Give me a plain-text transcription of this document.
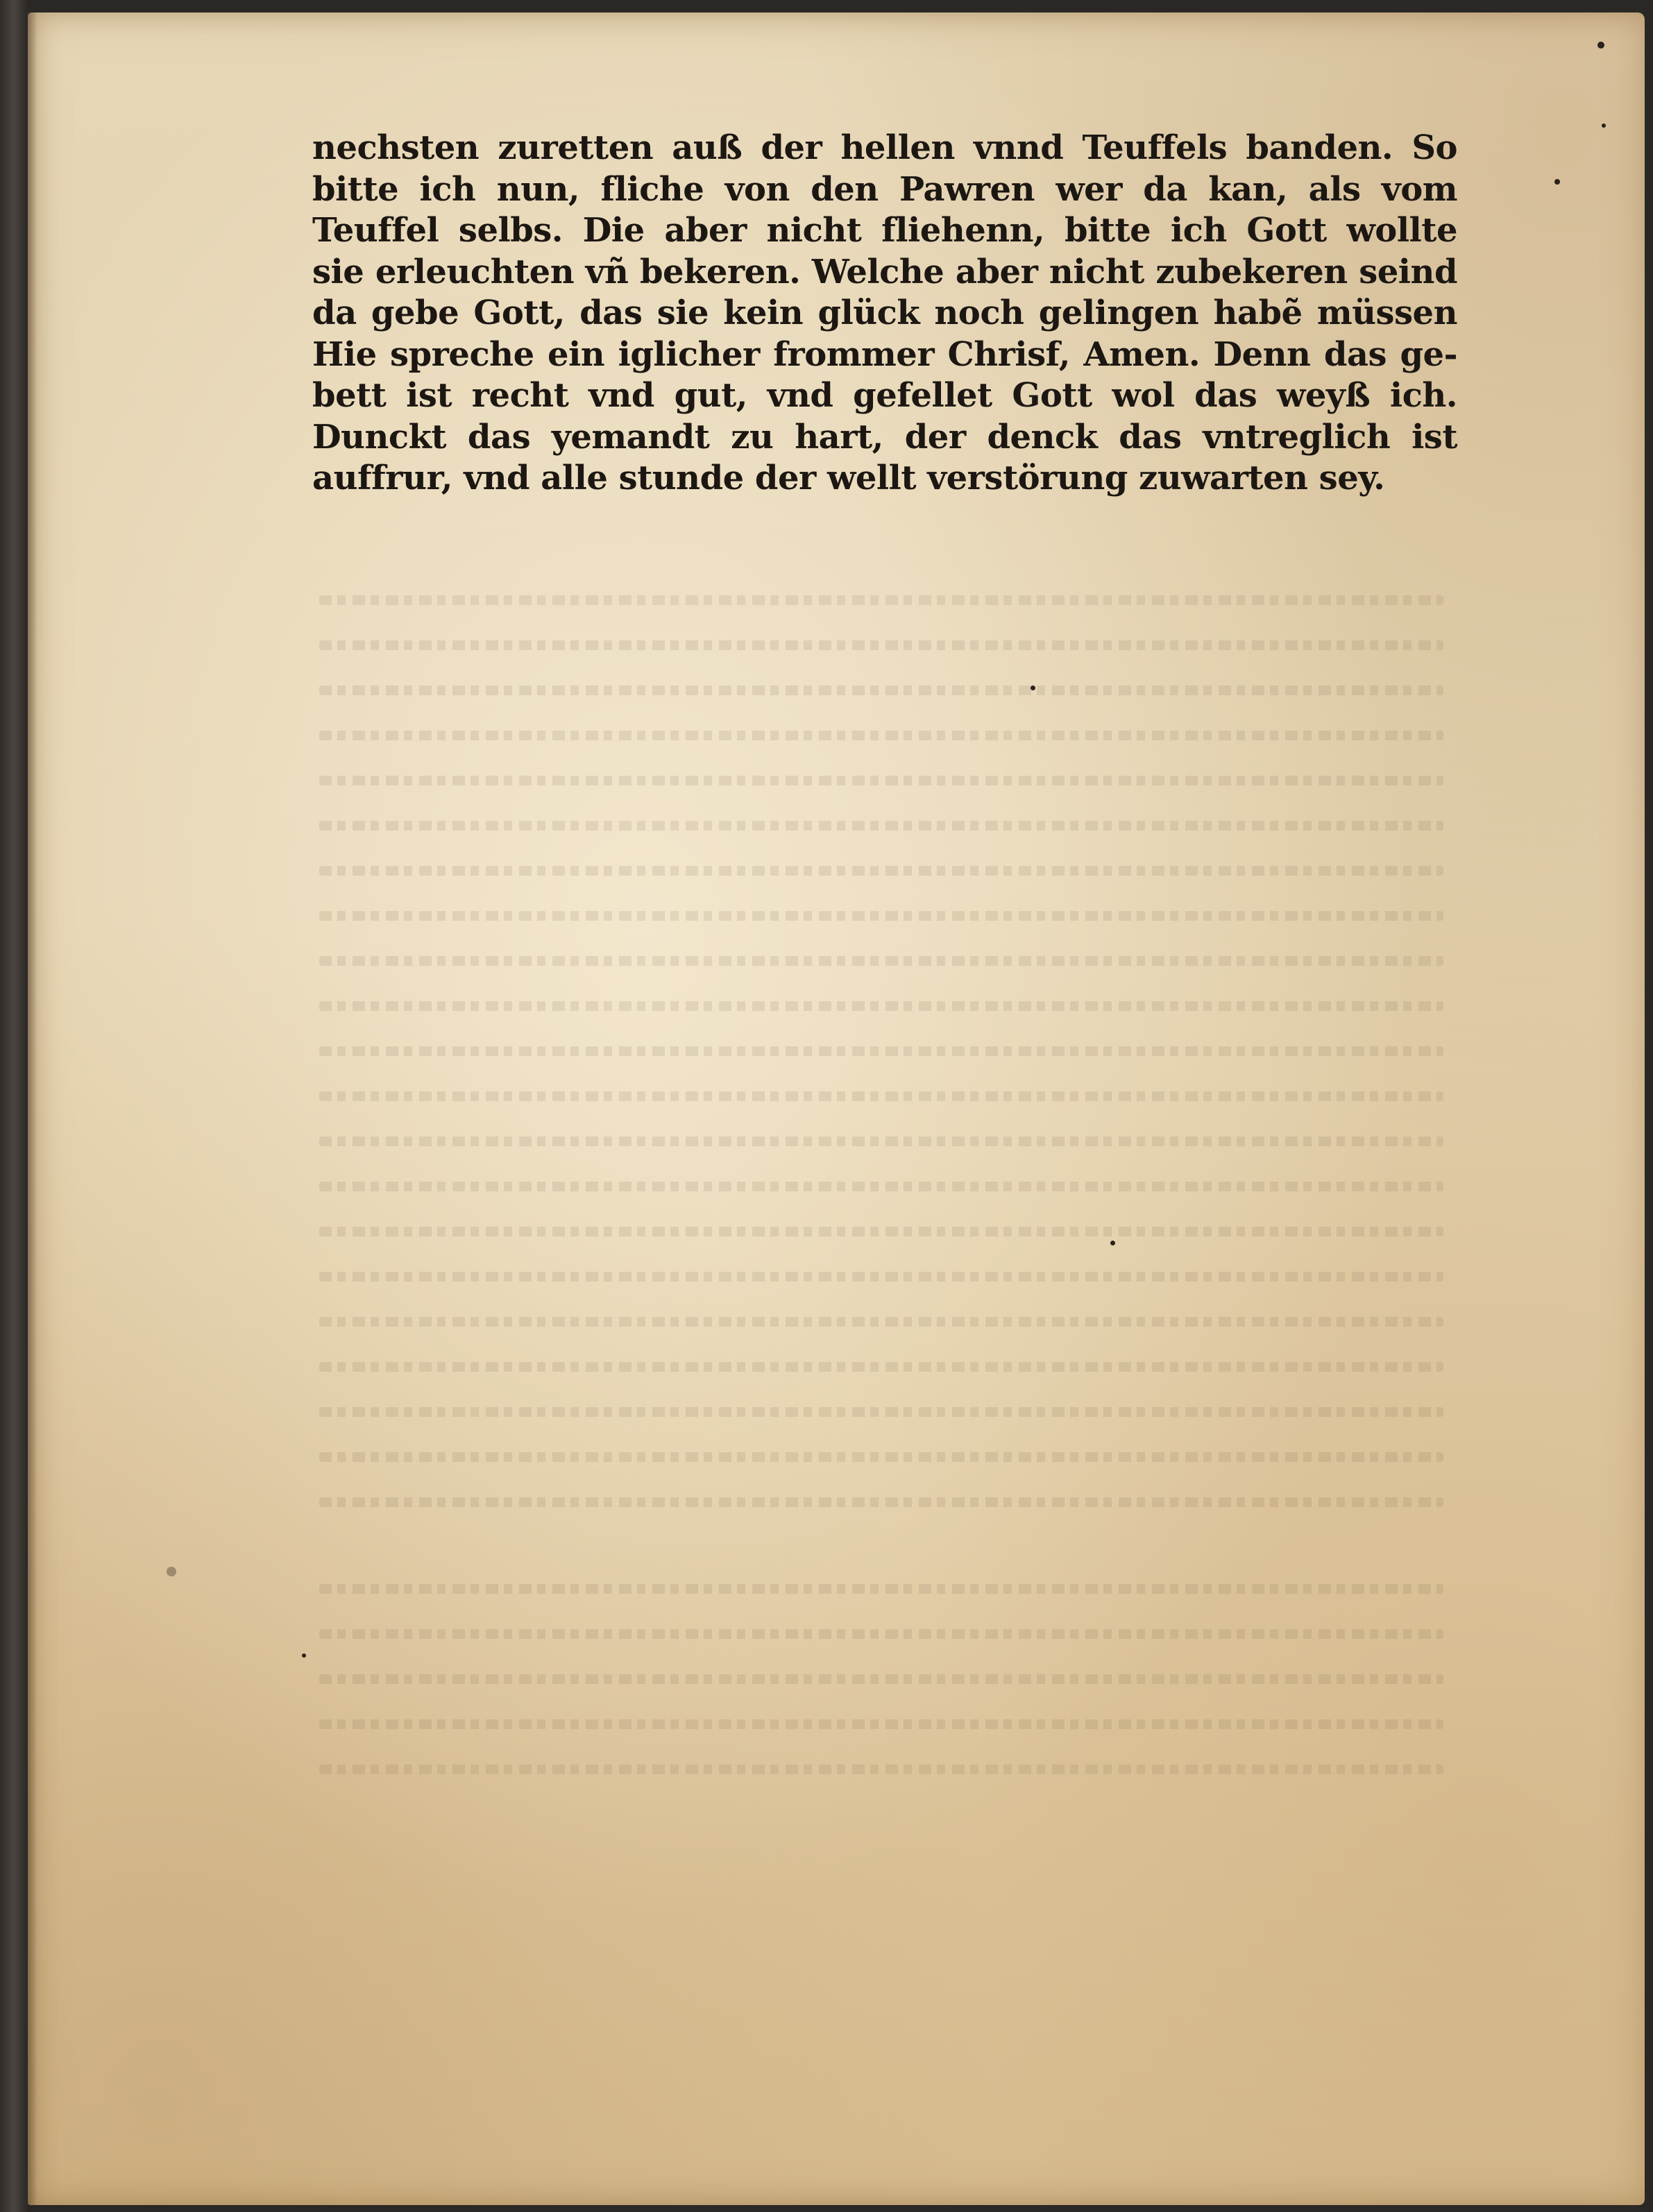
nechsten zuretten auß der hellen vnnd Teuffels banden. So
bitte ich nun, fliche von den Pawren wer da kan, als vom
Teuffel selbs. Die aber nicht fliehenn, bitte ich Gott wollte
sie erleuchten vñ bekeren. Welche aber nicht zubekeren seind
da gebe Gott, das sie kein glück noch gelingen habẽ müssen
Hie spreche ein iglicher frommer Chrisf, Amen. Denn das ge-
bett ist recht vnd gut, vnd gefellet Gott wol das weyß ich.
Dunckt das yemandt zu hart, der denck das vntreglich ist
auffrur, vnd alle stunde der wellt verstörung zuwarten sey.
